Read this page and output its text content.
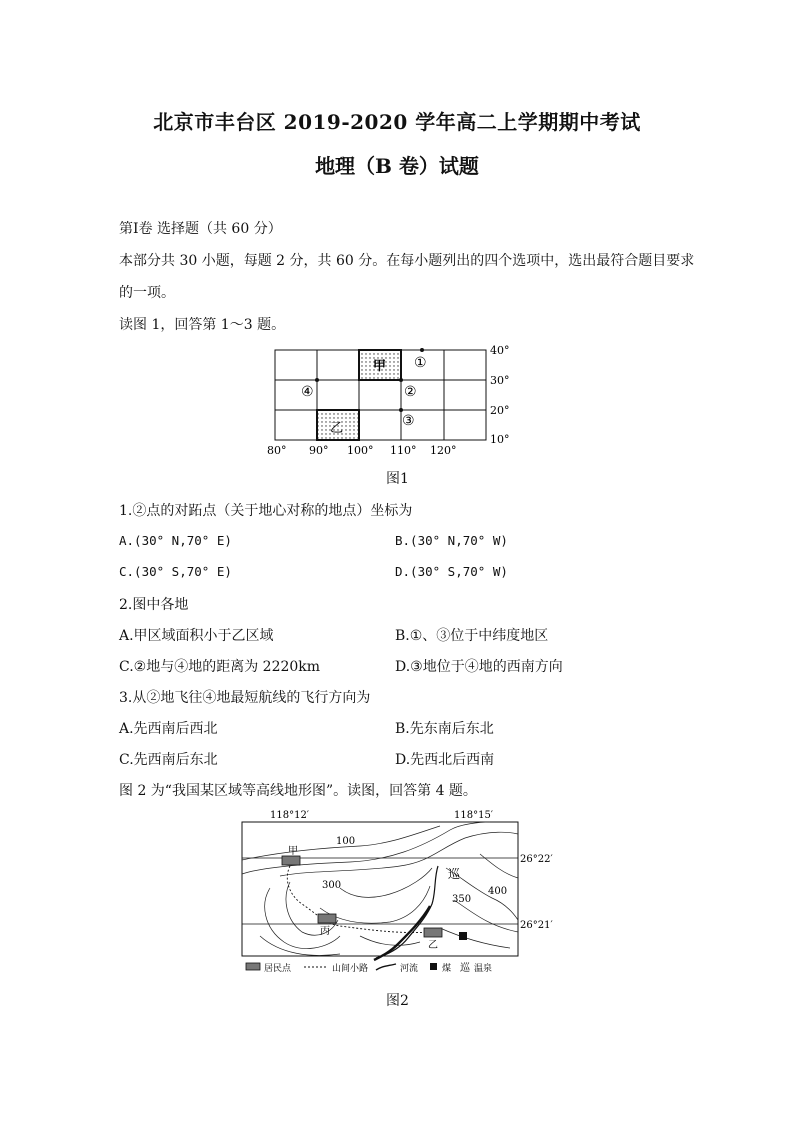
北京市丰台区 2019-2020 学年高二上学期期中考试
地理（B 卷）试题
第Ⅰ卷 选择题（共 60 分）
本部分共 30 小题，每题 2 分，共 60 分。在每小题列出的四个选项中，选出最符合题目要求
的一项。
读图 1，回答第 1～3 题。
甲
乙
①
②
③
④
40°
30°
20°
10°
80° 90° 100° 110° 120°
图1
1.②点的对跖点（关于地心对称的地点）坐标为
A.(30° N,70° E)	B.(30° N,70° W)
C.(30° S,70° E)	D.(30° S,70° W)
2.图中各地
A.甲区域面积小于乙区域	B.①、③位于中纬度地区
C.②地与④地的距离为 2220km	D.③地位于④地的西南方向
3.从②地飞往④地最短航线的飞行方向为
A.先西南后西北	B.先东南后东北
C.先西南后东北	D.先西北后西南
图 2 为“我国某区域等高线地形图”。读图，回答第 4 题。
118°12′	118°15′
26°22′
26°21′
100
300
350
400
甲
丙
乙
巡
居民点	山间小路	河流	煤 巡 温泉
图2
